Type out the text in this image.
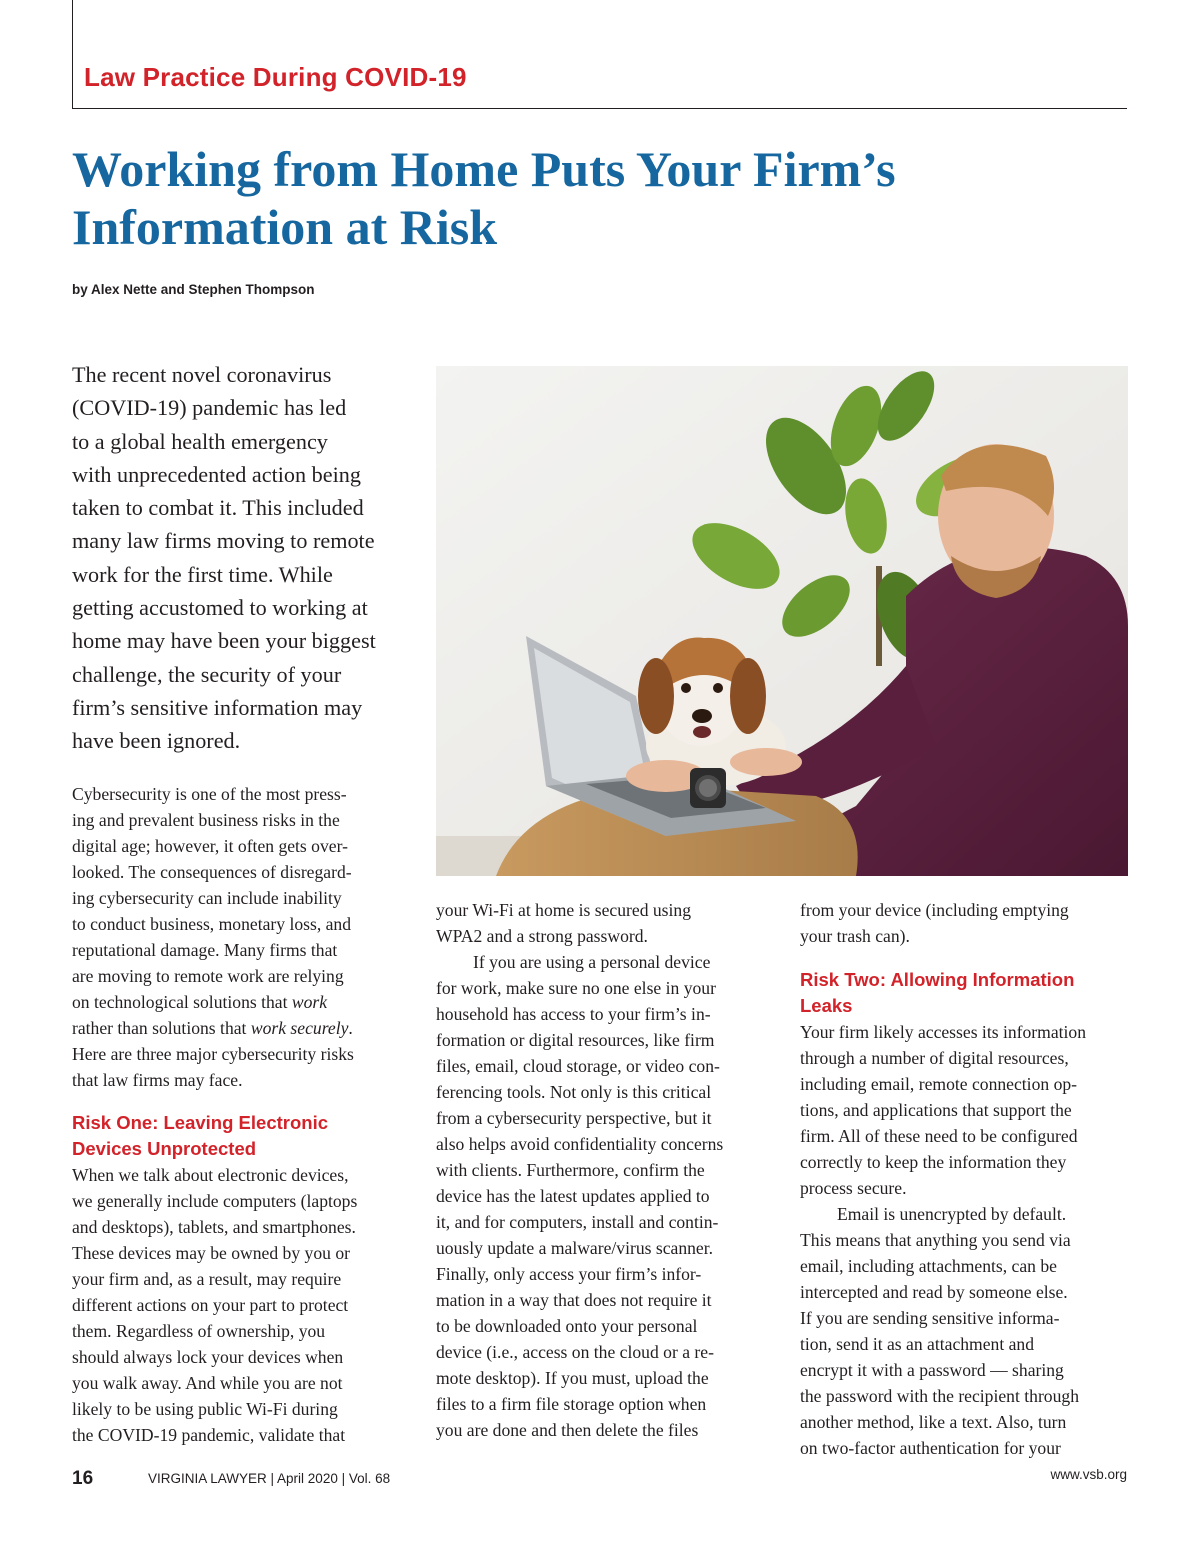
Law Practice During COVID-19
Working from Home Puts Your Firm’s
Information at Risk
by Alex Nette and Stephen Thompson
The recent novel coronavirus
(COVID-19) pandemic has led
to a global health emergency
with unprecedented action being
taken to combat it. This included
many law firms moving to remote
work for the first time. While
getting accustomed to working at
home may have been your biggest
challenge, the security of your
firm’s sensitive information may
have been ignored.
Cybersecurity is one of the most press-
ing and prevalent business risks in the
digital age; however, it often gets over-
looked. The consequences of disregard-
ing cybersecurity can include inability
to conduct business, monetary loss, and
reputational damage. Many firms that
are moving to remote work are relying
on technological solutions that work
rather than solutions that work securely.
Here are three major cybersecurity risks
that law firms may face.
Risk One: Leaving Electronic
Devices Unprotected
When we talk about electronic devices,
we generally include computers (laptops
and desktops), tablets, and smartphones.
These devices may be owned by you or
your firm and, as a result, may require
different actions on your part to protect
them. Regardless of ownership, you
should always lock your devices when
you walk away. And while you are not
likely to be using public Wi-Fi during
the COVID-19 pandemic, validate that
your Wi-Fi at home is secured using
WPA2 and a strong password.
If you are using a personal device
for work, make sure no one else in your
household has access to your firm’s in-
formation or digital resources, like firm
files, email, cloud storage, or video con-
ferencing tools. Not only is this critical
from a cybersecurity perspective, but it
also helps avoid confidentiality concerns
with clients. Furthermore, confirm the
device has the latest updates applied to
it, and for computers, install and contin-
uously update a malware/virus scanner.
Finally, only access your firm’s infor-
mation in a way that does not require it
to be downloaded onto your personal
device (i.e., access on the cloud or a re-
mote desktop). If you must, upload the
files to a firm file storage option when
you are done and then delete the files
from your device (including emptying
your trash can).
Risk Two: Allowing Information
Leaks
Your firm likely accesses its information
through a number of digital resources,
including email, remote connection op-
tions, and applications that support the
firm. All of these need to be configured
correctly to keep the information they
process secure.
Email is unencrypted by default.
This means that anything you send via
email, including attachments, can be
intercepted and read by someone else.
If you are sending sensitive informa-
tion, send it as an attachment and
encrypt it with a password — sharing
the password with the recipient through
another method, like a text. Also, turn
on two-factor authentication for your
16	VIRGINIA LAWYER | April 2020 | Vol. 68	www.vsb.org
